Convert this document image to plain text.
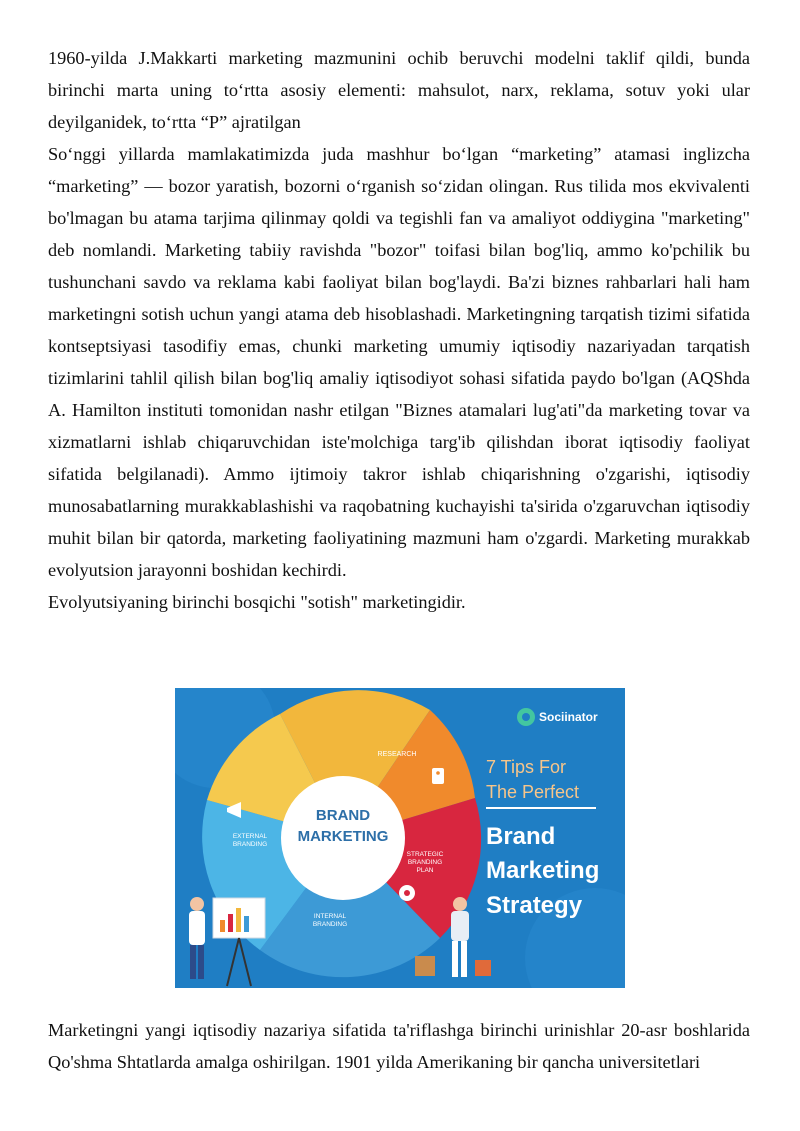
1960-yilda J.Makkarti marketing mazmunini ochib beruvchi modelni taklif qildi, bunda birinchi marta uning to‘rtta asosiy elementi: mahsulot, narx, reklama, sotuv yoki ular deyilganidek, to‘rtta “P” ajratilgan

So‘nggi yillarda mamlakatimizda juda mashhur bo‘lgan “marketing” atamasi inglizcha “marketing” — bozor yaratish, bozorni o‘rganish so‘zidan olingan. Rus tilida mos ekvivalenti bo'lmagan bu atama tarjima qilinmay qoldi va tegishli fan va amaliyot oddiygina "marketing" deb nomlandi. Marketing tabiiy ravishda "bozor" toifasi bilan bog'liq, ammo ko'pchilik bu tushunchani savdo va reklama kabi faoliyat bilan bog'laydi. Ba'zi biznes rahbarlari hali ham marketingni sotish uchun yangi atama deb hisoblashadi. Marketingning tarqatish tizimi sifatida kontseptsiyasi tasodifiy emas, chunki marketing umumiy iqtisodiy nazariyadan tarqatish tizimlarini tahlil qilish bilan bog'liq amaliy iqtisodiyot sohasi sifatida paydo bo'lgan (AQShda A. Hamilton instituti tomonidan nashr etilgan "Biznes atamalari lug'ati"da marketing tovar va xizmatlarni ishlab chiqaruvchidan iste'molchiga targ'ib qilishdan iborat iqtisodiy faoliyat sifatida belgilanadi). Ammo ijtimoiy takror ishlab chiqarishning o'zgarishi, iqtisodiy munosabatlarning murakkablashishi va raqobatning kuchayishi ta'sirida o'zgaruvchan iqtisodiy muhit bilan bir qatorda, marketing faoliyatining mazmuni ham o'zgardi. Marketing murakkab evolyutsion jarayonni boshidan kechirdi.

Evolyutsiyaning birinchi bosqichi "sotish" marketingidir.

BRAND
MARKETING
RESEARCH
STRATEGIC
BRANDING
PLAN
INTERNAL
BRANDING
EXTERNAL
BRANDING
Sociinator
7 Tips For
The Perfect
Brand
Marketing
Strategy

Marketingni yangi iqtisodiy nazariya sifatida ta'riflashga birinchi urinishlar 20-asr boshlarida Qo'shma Shtatlarda amalga oshirilgan. 1901 yilda Amerikaning bir qancha universitetlari
